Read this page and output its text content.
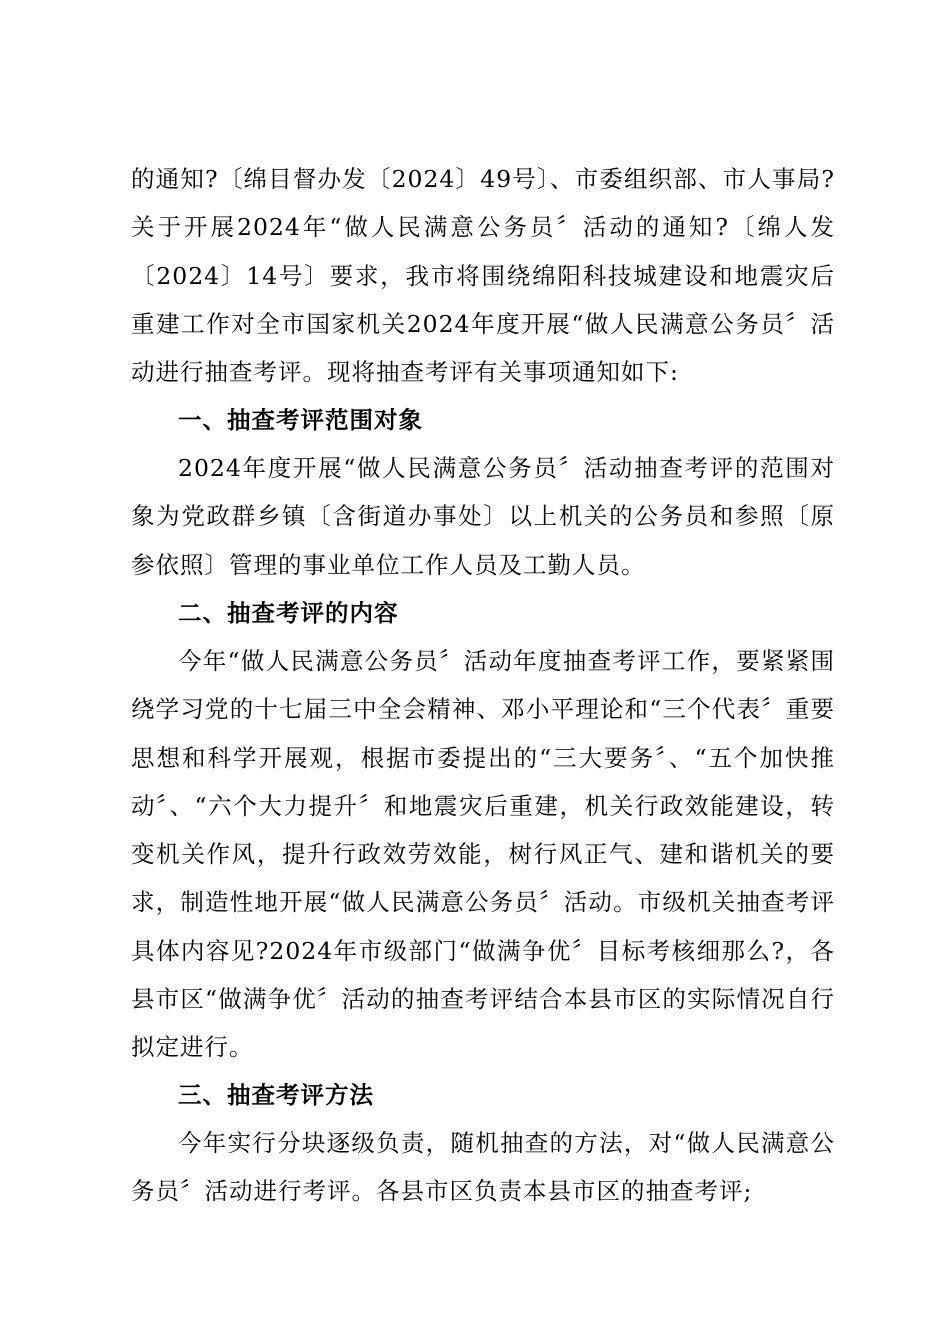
的通知?〔绵目督办发〔2024〕49号〕、市委组织部、市人事局?关于开展2024年“做人民满意公务员〞活动的通知?〔绵人发〔2024〕14号〕要求，我市将围绕绵阳科技城建设和地震灾后重建工作对全市国家机关2024年度开展“做人民满意公务员〞活动进行抽查考评。现将抽查考评有关事项通知如下:

一、抽查考评范围对象

2024年度开展“做人民满意公务员〞活动抽查考评的范围对象为党政群乡镇〔含街道办事处〕以上机关的公务员和参照〔原参依照〕管理的事业单位工作人员及工勤人员。

二、抽查考评的内容

今年“做人民满意公务员〞活动年度抽查考评工作，要紧紧围绕学习党的十七届三中全会精神、邓小平理论和“三个代表〞重要思想和科学开展观，根据市委提出的“三大要务〞、“五个加快推动〞、“六个大力提升〞和地震灾后重建，机关行政效能建设，转变机关作风，提升行政效劳效能，树行风正气、建和谐机关的要求，制造性地开展“做人民满意公务员〞活动。市级机关抽查考评具体内容见?2024年市级部门“做满争优〞目标考核细那么?，各县市区“做满争优〞活动的抽查考评结合本县市区的实际情况自行拟定进行。

三、抽查考评方法

今年实行分块逐级负责，随机抽查的方法，对“做人民满意公务员〞活动进行考评。各县市区负责本县市区的抽查考评;
